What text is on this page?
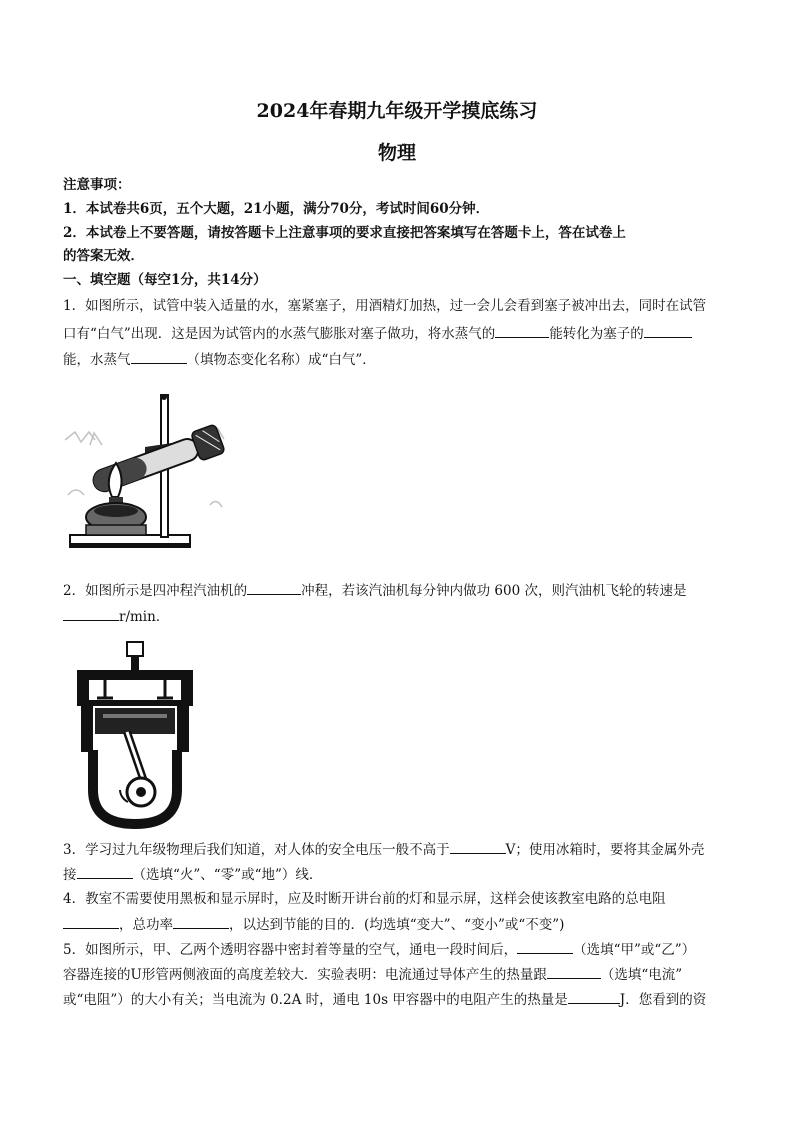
2024年春期九年级开学摸底练习
物理
注意事项：
1．本试卷共6页，五个大题，21小题，满分70分，考试时间60分钟．
2．本试卷上不要答题，请按答题卡上注意事项的要求直接把答案填写在答题卡上，答在试卷上
的答案无效．
一、填空题（每空1分，共14分）
1．如图所示，试管中装入适量的水，塞紧塞子，用酒精灯加热，过一会儿会看到塞子被冲出去，同时在试管
口有“白气”出现．这是因为试管内的水蒸气膨胀对塞子做功，将水蒸气的	能转化为塞子的
能，水蒸气	（填物态变化名称）成“白气”．
2．如图所示是四冲程汽油机的	冲程，若该汽油机每分钟内做功 600 次，则汽油机飞轮的转速是
r/min．
3．学习过九年级物理后我们知道，对人体的安全电压一般不高于	V；使用冰箱时，要将其金属外壳
接	（选填“火”、“零”或“地”）线．
4．教室不需要使用黑板和显示屏时，应及时断开讲台前的灯和显示屏，这样会使该教室电路的总电阻
，总功率	，以达到节能的目的．(均选填“变大”、“变小”或“不变”)
5．如图所示，甲、乙两个透明容器中密封着等量的空气，通电一段时间后，	（选填“甲”或“乙”）
容器连接的U形管两侧液面的高度差较大．实验表明：电流通过导体产生的热量跟	（选填“电流”
或“电阻”）的大小有关；当电流为 0.2A 时，通电 10s 甲容器中的电阻产生的热量是	J．您看到的资
